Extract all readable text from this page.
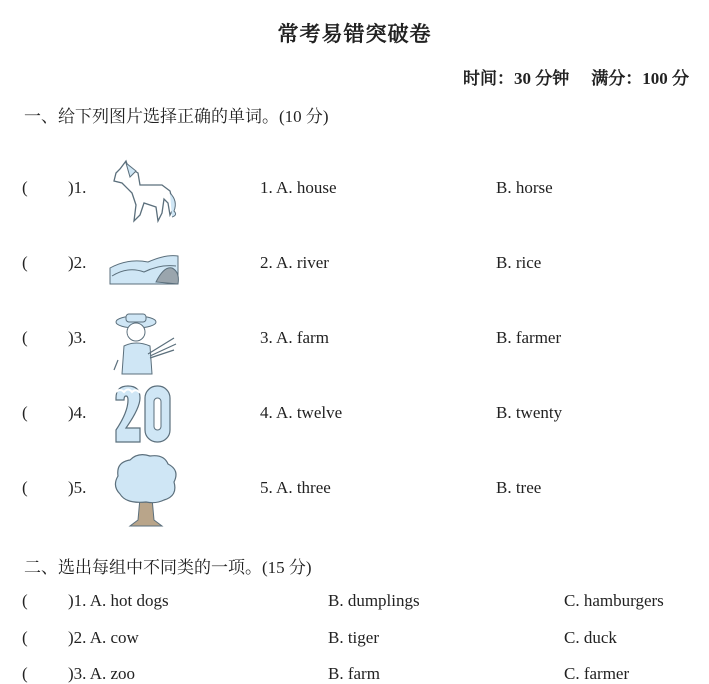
常考易错突破卷
时间：30 分钟 满分：100 分
一、给下列图片选择正确的单词。(10 分)
( )1.	1. A. house	B. horse
( )2.	2. A. river	B. rice
( )3.	3. A. farm	B. farmer
( )4.	4. A. twelve	B. twenty
( )5.	5. A. three	B. tree
二、选出每组中不同类的一项。(15 分)
( )1. A. hot dogs	B. dumplings	C. hamburgers
( )2. A. cow	B. tiger	C. duck
( )3. A. zoo	B. farm	C. farmer
